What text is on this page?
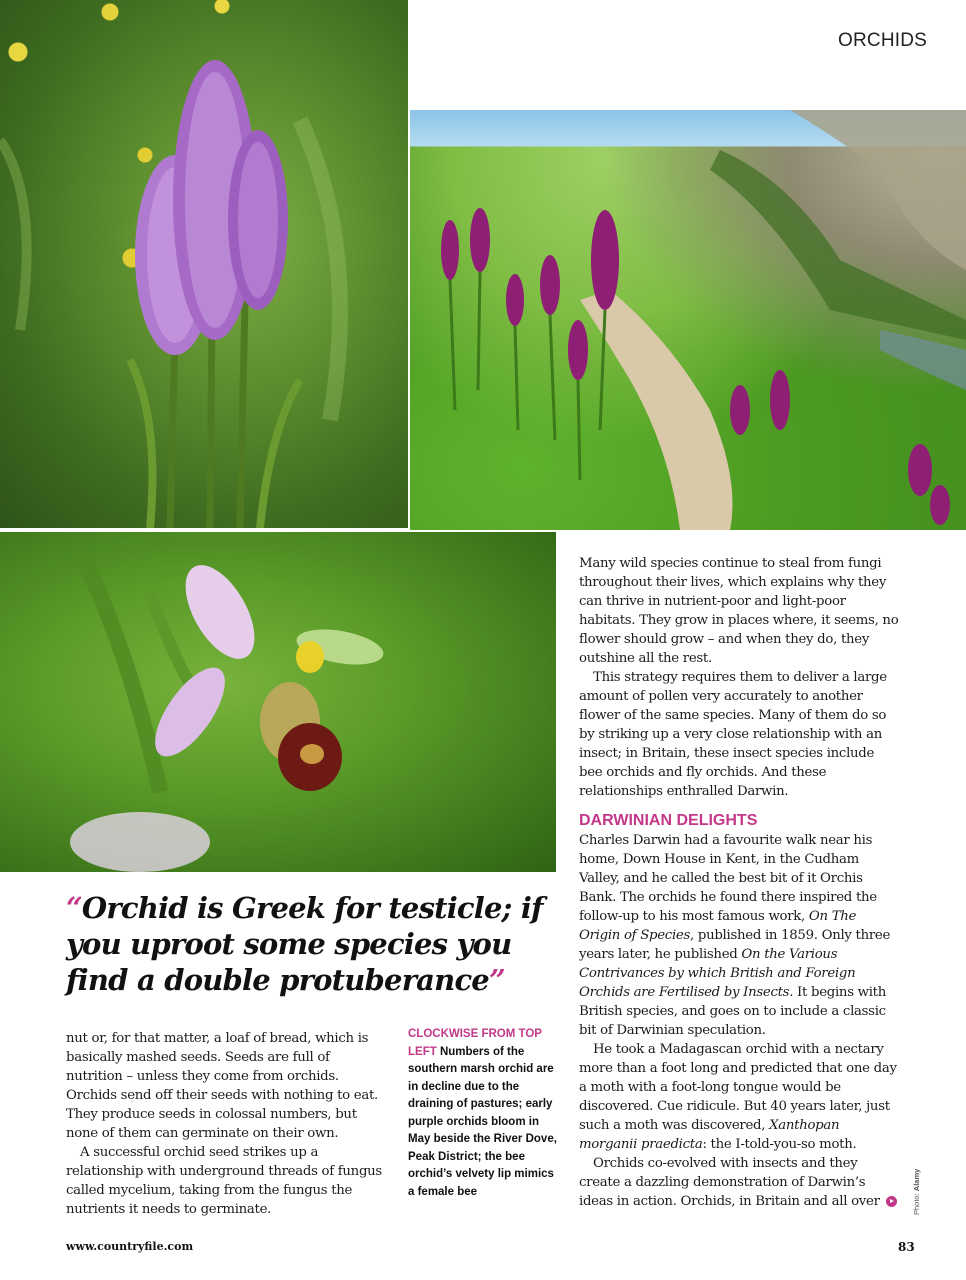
ORCHIDS
“Orchid is Greek for testicle; if you uproot some species you find a double protuberance”

nut or, for that matter, a loaf of bread, which is basically mashed seeds. Seeds are full of nutrition – unless they come from orchids. Orchids send off their seeds with nothing to eat. They produce seeds in colossal numbers, but none of them can germinate on their own.

A successful orchid seed strikes up a relationship with underground threads of fungus called mycelium, taking from the fungus the nutrients it needs to germinate.

CLOCKWISE FROM TOP LEFT Numbers of the southern marsh orchid are in decline due to the draining of pastures; early purple orchids bloom in May beside the River Dove, Peak District; the bee orchid’s velvety lip mimics a female bee

Many wild species continue to steal from fungi throughout their lives, which explains why they can thrive in nutrient-poor and light-poor habitats. They grow in places where, it seems, no flower should grow – and when they do, they outshine all the rest.

This strategy requires them to deliver a large amount of pollen very accurately to another flower of the same species. Many of them do so by striking up a very close relationship with an insect; in Britain, these insect species include bee orchids and fly orchids. And these relationships enthralled Darwin.

DARWINIAN DELIGHTS

Charles Darwin had a favourite walk near his home, Down House in Kent, in the Cudham Valley, and he called the best bit of it Orchis Bank. The orchids he found there inspired the follow-up to his most famous work, On The Origin of Species, published in 1859. Only three years later, he published On the Various Contrivances by which British and Foreign Orchids are Fertilised by Insects. It begins with British species, and goes on to include a classic bit of Darwinian speculation.

He took a Madagascan orchid with a nectary more than a foot long and predicted that one day a moth with a foot-long tongue would be discovered. Cue ridicule. But 40 years later, just such a moth was discovered, Xanthopan morganii praedicta: the I-told-you-so moth.

Orchids co-evolved with insects and they create a dazzling demonstration of Darwin’s ideas in action. Orchids, in Britain and all over	Photo: Alamy
www.countryfile.com	83
